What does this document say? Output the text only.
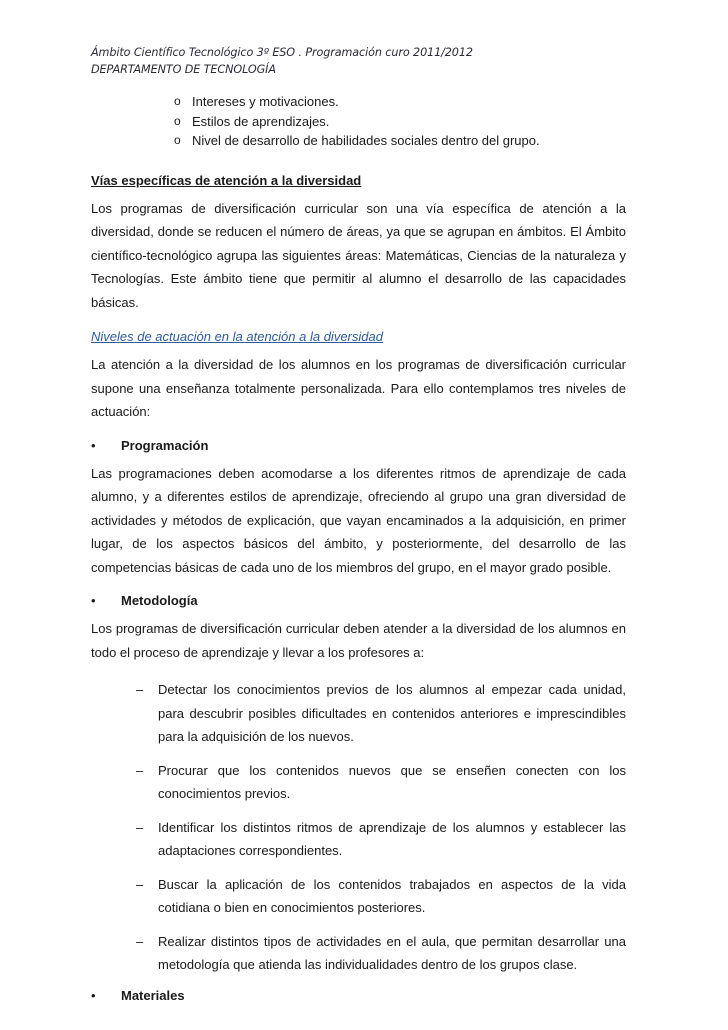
Ámbito Científico Tecnológico 3º ESO . Programación curo 2011/2012
DEPARTAMENTO DE TECNOLOGÍA
o Intereses y motivaciones.
o Estilos de aprendizajes.
o Nivel de desarrollo de habilidades sociales dentro del grupo.
Vías específicas de atención a la diversidad

Los programas de diversificación curricular son una vía específica de atención a la diversidad, donde se reducen el número de áreas, ya que se agrupan en ámbitos. El Ámbito científico-tecnológico agrupa las siguientes áreas: Matemáticas, Ciencias de la naturaleza y Tecnologías. Este ámbito tiene que permitir al alumno el desarrollo de las capacidades básicas.

Niveles de actuación en la atención a la diversidad

La atención a la diversidad de los alumnos en los programas de diversificación curricular supone una enseñanza totalmente personalizada. Para ello contemplamos tres niveles de actuación:

• Programación

Las programaciones deben acomodarse a los diferentes ritmos de aprendizaje de cada alumno, y a diferentes estilos de aprendizaje, ofreciendo al grupo una gran diversidad de actividades y métodos de explicación, que vayan encaminados a la adquisición, en primer lugar, de los aspectos básicos del ámbito, y posteriormente, del desarrollo de las competencias básicas de cada uno de los miembros del grupo, en el mayor grado posible.

• Metodología

Los programas de diversificación curricular deben atender a la diversidad de los alumnos en todo el proceso de aprendizaje y llevar a los profesores a:

– Detectar los conocimientos previos de los alumnos al empezar cada unidad, para descubrir posibles dificultades en contenidos anteriores e imprescindibles para la adquisición de los nuevos.
– Procurar que los contenidos nuevos que se enseñen conecten con los conocimientos previos.
– Identificar los distintos ritmos de aprendizaje de los alumnos y establecer las adaptaciones correspondientes.
– Buscar la aplicación de los contenidos trabajados en aspectos de la vida cotidiana o bien en conocimientos posteriores.
– Realizar distintos tipos de actividades en el aula, que permitan desarrollar una metodología que atienda las individualidades dentro de los grupos clase.
• Materiales
